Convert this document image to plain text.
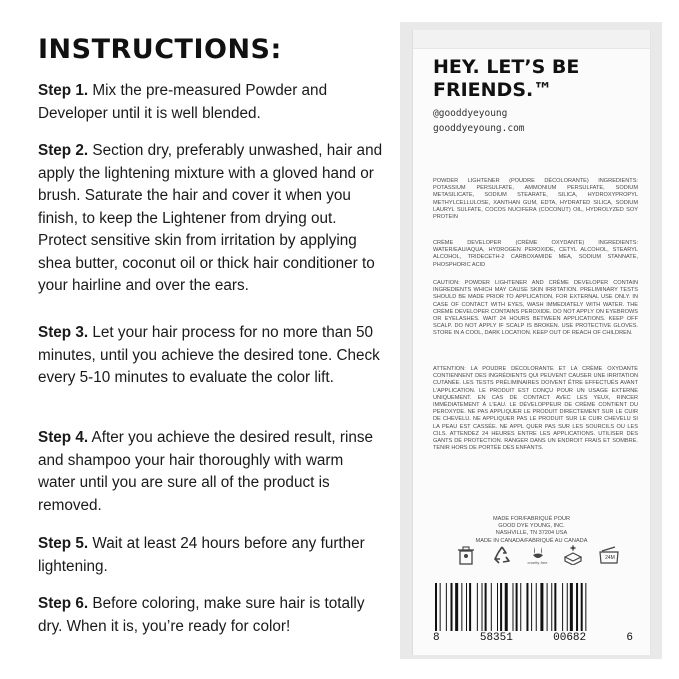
INSTRUCTIONS:

Step 1. Mix the pre-measured Powder and Developer until it is well blended.

Step 2. Section dry, preferably unwashed, hair and apply the lightening mixture with a gloved hand or brush. Saturate the hair and cover it when you finish, to keep the Lightener from drying out. Protect sensitive skin from irritation by applying shea butter, coconut oil or thick hair conditioner to your hairline and over the ears.

Step 3. Let your hair process for no more than 50 minutes, until you achieve the desired tone. Check every 5-10 minutes to evaluate the color lift.

Step 4. After you achieve the desired result, rinse and shampoo your hair thoroughly with warm water until you are sure all of the product is removed.

Step 5. Wait at least 24 hours before any further lightening.

Step 6. Before coloring, make sure hair is totally dry. When it is, you’re ready for color!

HEY. LET’S BE FRIENDS.™

@gooddyeyoung

gooddyeyoung.com

POWDER LIGHTENER (POUDRE DÉCOLORANTE) INGREDIENTS: POTASSIUM PERSULFATE, AMMONIUM PERSULFATE, SODIUM METASILICATE, SODIUM STEARATE, SILICA, HYDROXYPROPYL METHYLCELLULOSE, XANTHAN GUM, EDTA, HYDRATED SILICA, SODIUM LAURYL SULFATE, COCOS NUCIFERA (COCONUT) OIL, HYDROLYZED SOY PROTEIN

CRÈME DEVELOPER (CRÈME OXYDANTE) INGREDIENTS: WATER/EAU/AQUA, HYDROGEN PEROXIDE, CETYL ALCOHOL, STEARYL ALCOHOL, TRIDECETH-2 CARBOXAMIDE MEA, SODIUM STANNATE, PHOSPHORIC ACID

CAUTION: POWDER LIGHTENER AND CRÈME DEVELOPER CONTAIN INGREDIENTS WHICH MAY CAUSE SKIN IRRITATION. PRELIMINARY TESTS SHOULD BE MADE PRIOR TO APPLICATION. FOR EXTERNAL USE ONLY. IN CASE OF CONTACT WITH EYES, WASH IMMEDIATELY WITH WATER. THE CRÈME DEVELOPER CONTAINS PEROXIDE. DO NOT APPLY ON EYEBROWS OR EYELASHES. WAIT 24 HOURS BETWEEN APPLICATIONS. KEEP OFF SCALP. DO NOT APPLY IF SCALP IS BROKEN. USE PROTECTIVE GLOVES. STORE IN A COOL, DARK LOCATION. KEEP OUT OF REACH OF CHILDREN.

ATTENTION: LA POUDRE DÉCOLORANTE ET LA CRÈME OXYDANTE CONTIENNENT DES INGRÉDIENTS QUI PEUVENT CAUSER UNE IRRITATION CUTANÉE. LES TESTS PRÉLIMINAIRES DOIVENT ÊTRE EFFECTUÉS AVANT L'APPLICATION. LE PRODUIT EST CONÇU POUR UN USAGE EXTERNE UNIQUEMENT. EN CAS DE CONTACT AVEC LES YEUX, RINCER IMMÉDIATEMENT À L'EAU. LE DÉVELOPPEUR DE CRÈME CONTIENT DU PEROXYDE. NE PAS APPLIQUER LE PRODUIT DIRECTEMENT SUR LE CUIR DE CHEVELU. NE APPLIQUER PAS LE PRODUIT SUR LE CUIR CHEVELU SI LA PEAU EST CASSÉE. NE APPL QUER PAS SUR LES SOURCILS OU LES CILS. ATTENDEZ 24 HEURES ENTRE LES APPLICATIONS. UTILISER DES GANTS DE PROTECTION. RANGER DANS UN ENDROIT FRAIS ET SOMBRE. TENIR HORS DE PORTÉE DES ENFANTS.

MADE FOR/FABRIQUÉ POUR
GOOD DYE YOUNG, INC.
NASHVILLE, TN 37204 USA
MADE IN CANADA/FABRIQUÉ AU CANADA
cruelty-free
24M
8	58351	00682	6
